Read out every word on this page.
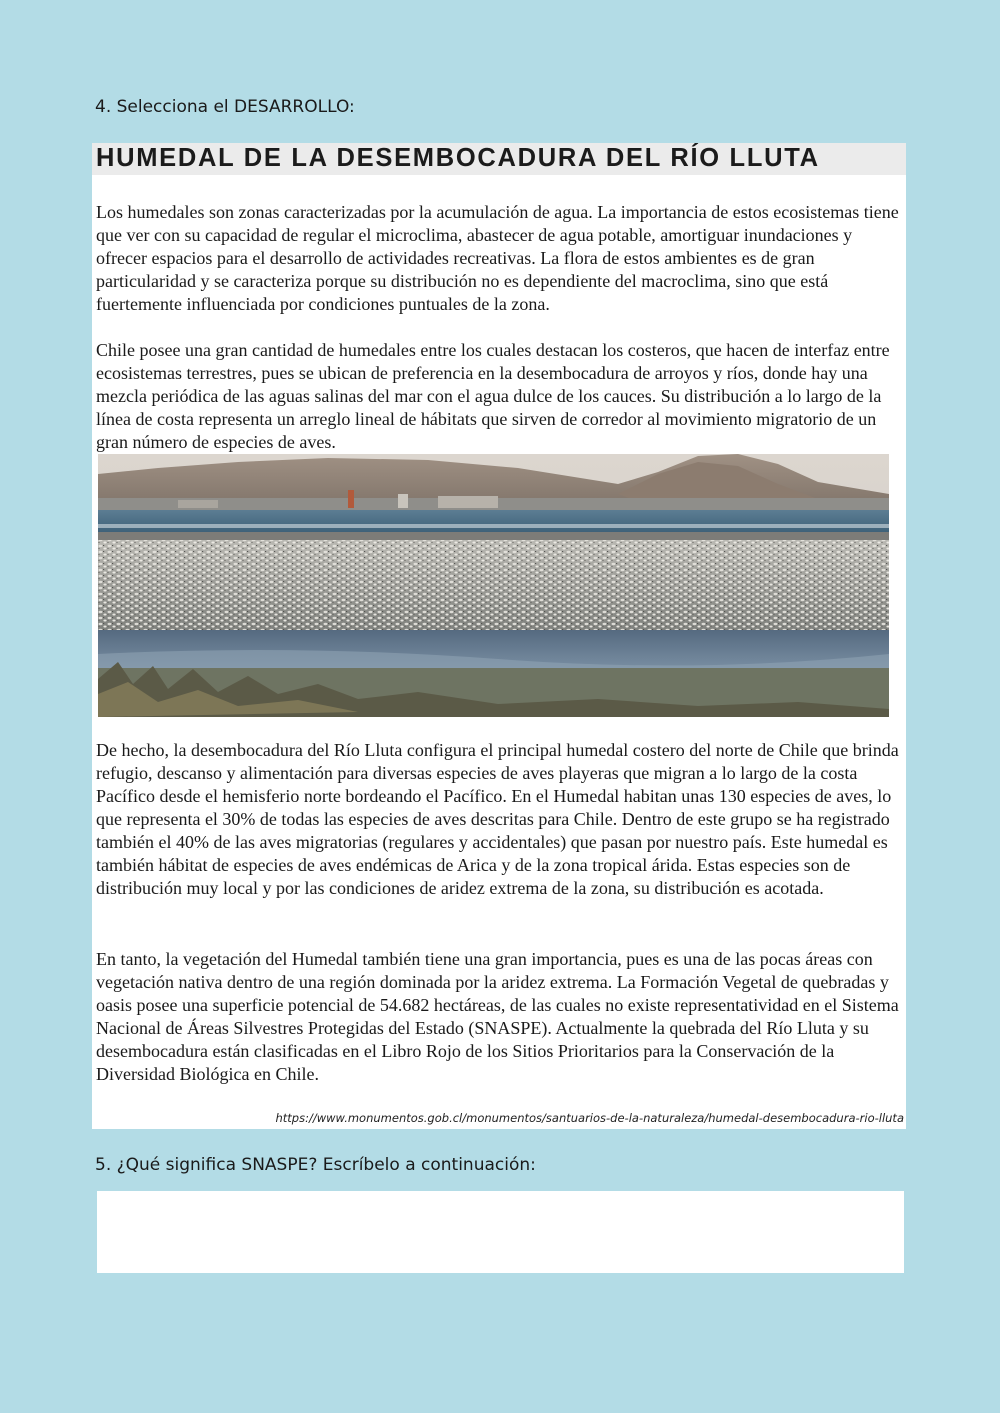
4. Selecciona el DESARROLLO:
HUMEDAL DE LA DESEMBOCADURA DEL RÍO LLUTA

Los humedales son zonas caracterizadas por la acumulación de agua. La importancia de estos ecosistemas tiene que ver con su capacidad de regular el microclima, abastecer de agua potable, amortiguar inundaciones y ofrecer espacios para el desarrollo de actividades recreativas. La flora de estos ambientes es de gran particularidad y se caracteriza porque su distribución no es dependiente del macroclima, sino que está fuertemente influenciada por condiciones puntuales de la zona.

Chile posee una gran cantidad de humedales entre los cuales destacan los costeros, que hacen de interfaz entre ecosistemas terrestres, pues se ubican de preferencia en la desembocadura de arroyos y ríos, donde hay una mezcla periódica de las aguas salinas del mar con el agua dulce de los cauces. Su distribución a lo largo de la línea de costa representa un arreglo lineal de hábitats que sirven de corredor al movimiento migratorio de un gran número de especies de aves.

De hecho, la desembocadura del Río Lluta configura el principal humedal costero del norte de Chile que brinda refugio, descanso y alimentación para diversas especies de aves playeras que migran a lo largo de la costa Pacífico desde el hemisferio norte bordeando el Pacífico. En el Humedal habitan unas 130 especies de aves, lo que representa el 30% de todas las especies de aves descritas para Chile. Dentro de este grupo se ha registrado también el 40% de las aves migratorias (regulares y accidentales) que pasan por nuestro país. Este humedal es también hábitat de especies de aves endémicas de Arica y de la zona tropical árida. Estas especies son de distribución muy local y por las condiciones de aridez extrema de la zona, su distribución es acotada.

En tanto, la vegetación del Humedal también tiene una gran importancia, pues es una de las pocas áreas con vegetación nativa dentro de una región dominada por la aridez extrema. La Formación Vegetal de quebradas y oasis posee una superficie potencial de 54.682 hectáreas, de las cuales no existe representatividad en el Sistema Nacional de Áreas Silvestres Protegidas del Estado (SNASPE). Actualmente la quebrada del Río Lluta y su desembocadura están clasificadas en el Libro Rojo de los Sitios Prioritarios para la Conservación de la Diversidad Biológica en Chile.

https://www.monumentos.gob.cl/monumentos/santuarios-de-la-naturaleza/humedal-desembocadura-rio-lluta
5. ¿Qué significa SNASPE? Escríbelo a continuación:
